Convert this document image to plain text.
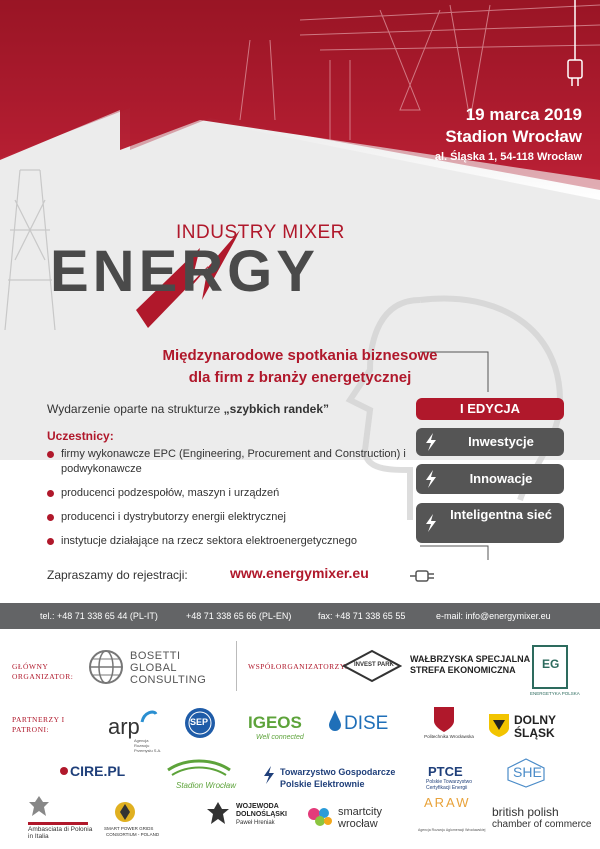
19 marca 2019
Stadion Wrocław
al. Śląska 1, 54-118 Wrocław
INDUSTRY MIXER
ENERGY
Międzynarodowe spotkania biznesowe
dla firm z branży energetycznej
Wydarzenie oparte na strukturze „szybkich randek”
Uczestnicy:
firmy wykonawcze EPC (Engineering, Procurement and Construction) i podwykonawcze
producenci podzespołów, maszyn i urządzeń
producenci i dystrybutorzy energii elektrycznej
instytucje działające na rzecz sektora elektroenergetycznego
I EDYCJA
Inwestycje
Innowacje
Inteligentna sieć
Zapraszamy do rejestracji:	www.energymixer.eu
tel.: +48 71 338 65 44 (PL-IT)	+48 71 338 65 66 (PL-EN)	fax: +48 71 338 65 55	e-mail: info@energymixer.eu
GŁÓWNY ORGANIZATOR:
BOSETTI GLOBAL CONSULTING
WSPÓŁORGANIZATORZY: INVEST PARK
WAŁBRZYSKA SPECJALNA
STREFA EKONOMICZNA EG
ENERGETYKA POLSKA
PARTNERZY I PATRONI:	arp
Agencja Rozwoju Przemysłu S.A.
SEP IGEOS
Well connected
DISE
Politechnika Wrocławska
DOLNY
ŚLĄSK
CIRE.PL
Stadion Wrocław
Towarzystwo Gospodarcze
Polskie Elektrownie
PTCE
Polskie Towarzystwo
Certyfikacji Energii
SHE
Ambasciata di Polonia
in Italia
SMART POWER GRIDS
CONSORTIUM - POLAND
WOJEWODA
DOLNOŚLĄSKI
Paweł Hreniak
smartcity
wrocław
ARAW
Agencja Rozwoju Aglomeracji Wrocławskiej
british polish
chamber of commerce
